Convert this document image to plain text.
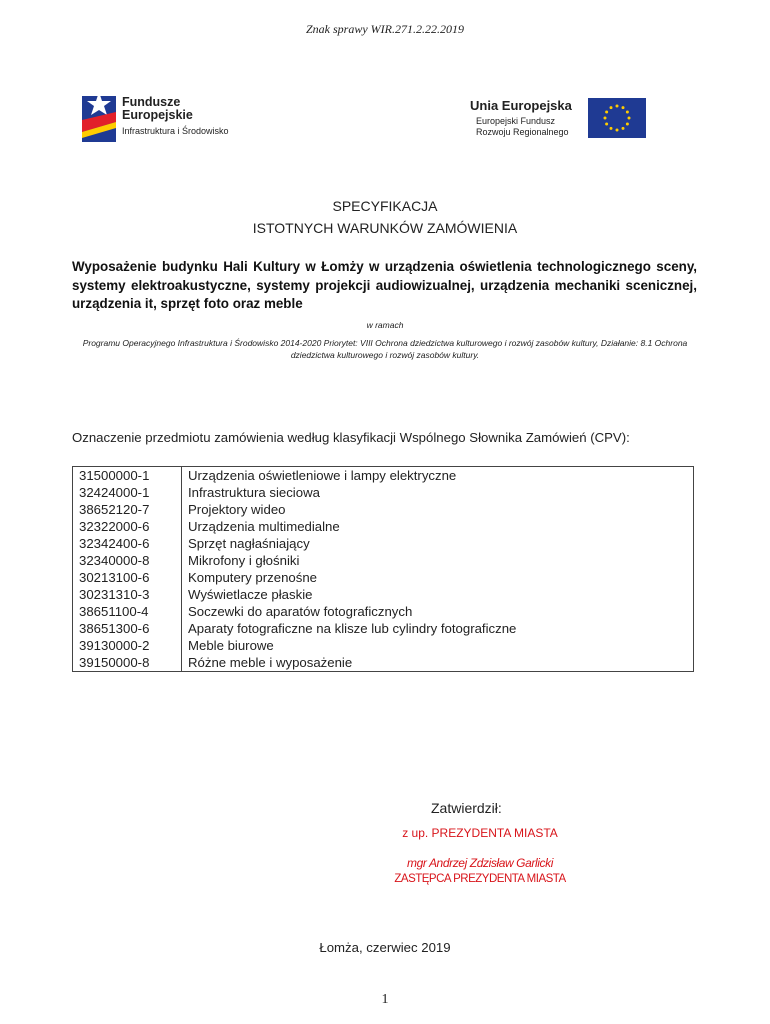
Znak sprawy WIR.271.2.22.2019
Fundusze
Europejskie
Infrastruktura i Środowisko
Unia Europejska
Europejski Fundusz
Rozwoju Regionalnego
SPECYFIKACJA
ISTOTNYCH WARUNKÓW ZAMÓWIENIA
Wyposażenie budynku Hali Kultury w Łomży w urządzenia oświetlenia technologicznego sceny, systemy elektroakustyczne, systemy projekcji audiowizualnej, urządzenia mechaniki scenicznej, urządzenia it, sprzęt foto oraz meble
w ramach
Programu Operacyjnego Infrastruktura i Środowisko 2014-2020 Priorytet: VIII Ochrona dziedzictwa kulturowego i rozwój zasobów kultury, Działanie: 8.1 Ochrona dziedzictwa kulturowego i rozwój zasobów kultury.
Oznaczenie przedmiotu zamówienia według klasyfikacji Wspólnego Słownika Zamówień (CPV):
31500000-1	Urządzenia oświetleniowe i lampy elektryczne
32424000-1	Infrastruktura sieciowa
38652120-7	Projektory wideo
32322000-6	Urządzenia multimedialne
32342400-6	Sprzęt nagłaśniający
32340000-8	Mikrofony i głośniki
30213100-6	Komputery przenośne
30231310-3	Wyświetlacze płaskie
38651100-4	Soczewki do aparatów fotograficznych
38651300-6	Aparaty fotograficzne na klisze lub cylindry fotograficzne
39130000-2	Meble biurowe
39150000-8	Różne meble i wyposażenie
Zatwierdził:
z up. PREZYDENTA MIASTA
mgr Andrzej Zdzisław Garlicki
ZASTĘPCA PREZYDENTA MIASTA
Łomża, czerwiec 2019
1
